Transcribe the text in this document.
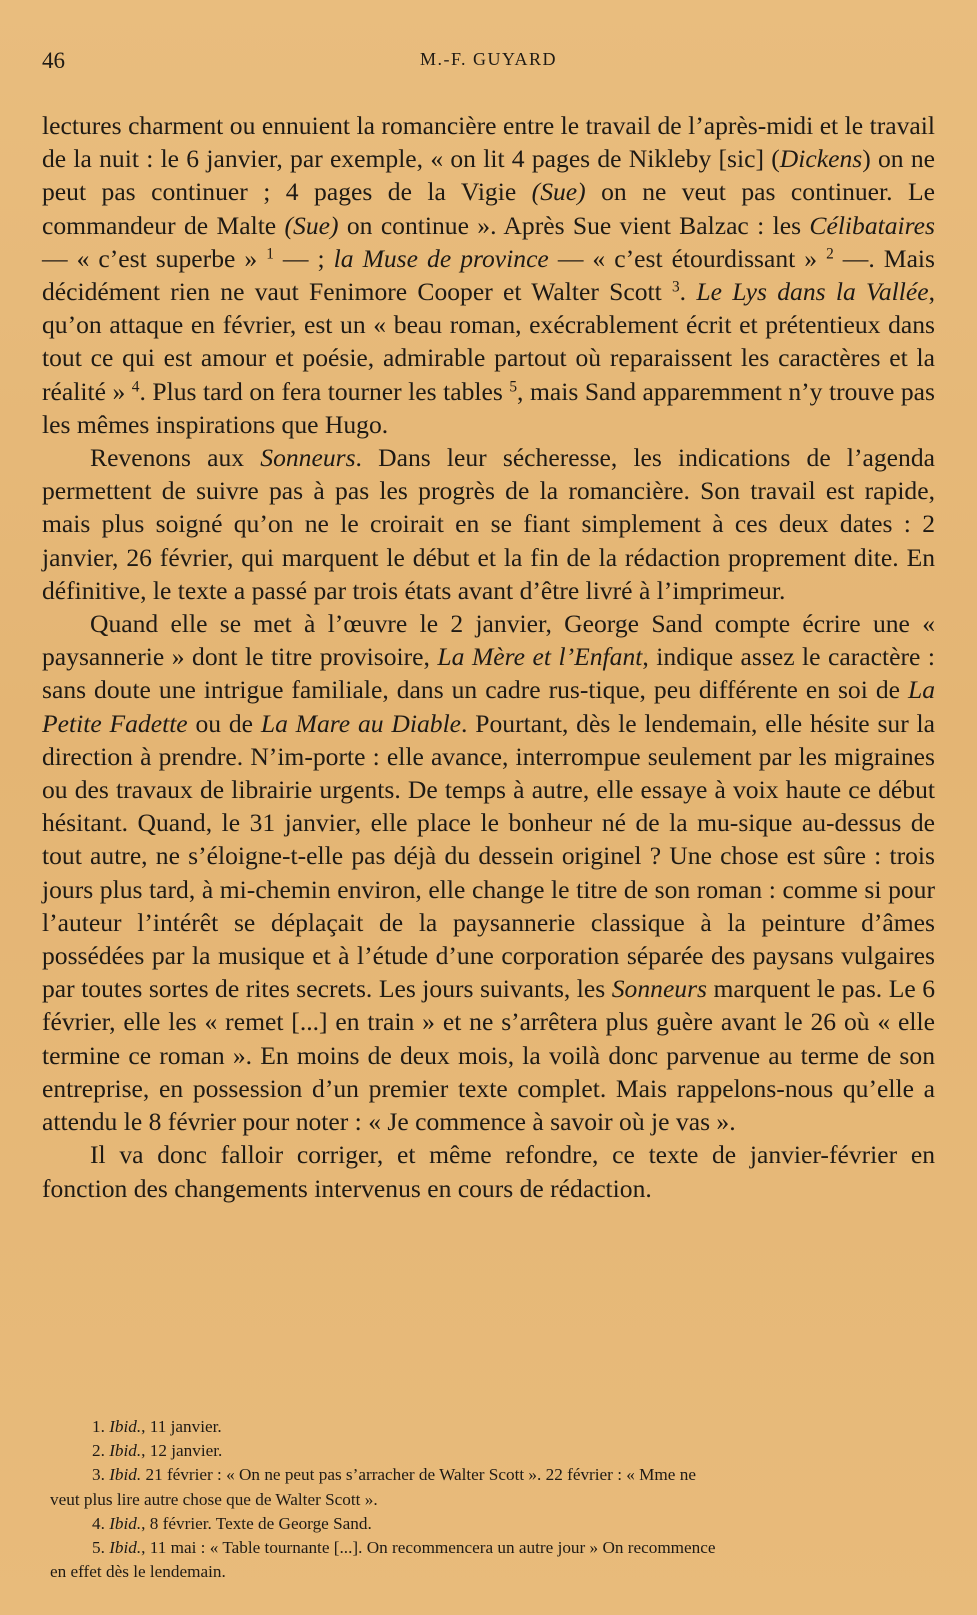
46	M.-F. GUYARD

lectures charment ou ennuient la romancière entre le travail de l’après-midi et le travail de la nuit : le 6 janvier, par exemple, « on lit 4 pages de Nikleby [sic] (Dickens) on ne peut pas continuer ; 4 pages de la Vigie (Sue) on ne veut pas continuer. Le commandeur de Malte (Sue) on continue ». Après Sue vient Balzac : les Célibataires — « c’est superbe » $^1$ — ; la Muse de province — « c’est étourdissant » $^2$ —. Mais décidément rien ne vaut Fenimore Cooper et Walter Scott $^3$. Le Lys dans la Vallée, qu’on attaque en février, est un « beau roman, exécrablement écrit et prétentieux dans tout ce qui est amour et poésie, admirable partout où reparaissent les caractères et la réalité » $^4$. Plus tard on fera tourner les tables $^5$, mais Sand apparemment n’y trouve pas les mêmes inspirations que Hugo.

Revenons aux Sonneurs. Dans leur sécheresse, les indications de l’agenda permettent de suivre pas à pas les progrès de la romancière. Son travail est rapide, mais plus soigné qu’on ne le croirait en se fiant simplement à ces deux dates : 2 janvier, 26 février, qui marquent le début et la fin de la rédaction proprement dite. En définitive, le texte a passé par trois états avant d’être livré à l’imprimeur.

Quand elle se met à l’œuvre le 2 janvier, George Sand compte écrire une « paysannerie » dont le titre provisoire, La Mère et l’Enfant, indique assez le caractère : sans doute une intrigue familiale, dans un cadre rus-tique, peu différente en soi de La Petite Fadette ou de La Mare au Diable. Pourtant, dès le lendemain, elle hésite sur la direction à prendre. N’im-porte : elle avance, interrompue seulement par les migraines ou des travaux de librairie urgents. De temps à autre, elle essaye à voix haute ce début hésitant. Quand, le 31 janvier, elle place le bonheur né de la mu-sique au-dessus de tout autre, ne s’éloigne-t-elle pas déjà du dessein originel ? Une chose est sûre : trois jours plus tard, à mi-chemin environ, elle change le titre de son roman : comme si pour l’auteur l’intérêt se déplaçait de la paysannerie classique à la peinture d’âmes possédées par la musique et à l’étude d’une corporation séparée des paysans vulgaires par toutes sortes de rites secrets. Les jours suivants, les Sonneurs marquent le pas. Le 6 février, elle les « remet [...] en train » et ne s’arrêtera plus guère avant le 26 où « elle termine ce roman ». En moins de deux mois, la voilà donc parvenue au terme de son entreprise, en possession d’un premier texte complet. Mais rappelons-nous qu’elle a attendu le 8 février pour noter : « Je commence à savoir où je vas ».

Il va donc falloir corriger, et même refondre, ce texte de janvier-février en fonction des changements intervenus en cours de rédaction.

1. Ibid., 11 janvier.
2. Ibid., 12 janvier.
3. Ibid. 21 février : « On ne peut pas s’arracher de Walter Scott ». 22 février : « Mme ne
veut plus lire autre chose que de Walter Scott ».
4. Ibid., 8 février. Texte de George Sand.
5. Ibid., 11 mai : « Table tournante [...]. On recommencera un autre jour » On recommence
en effet dès le lendemain.
